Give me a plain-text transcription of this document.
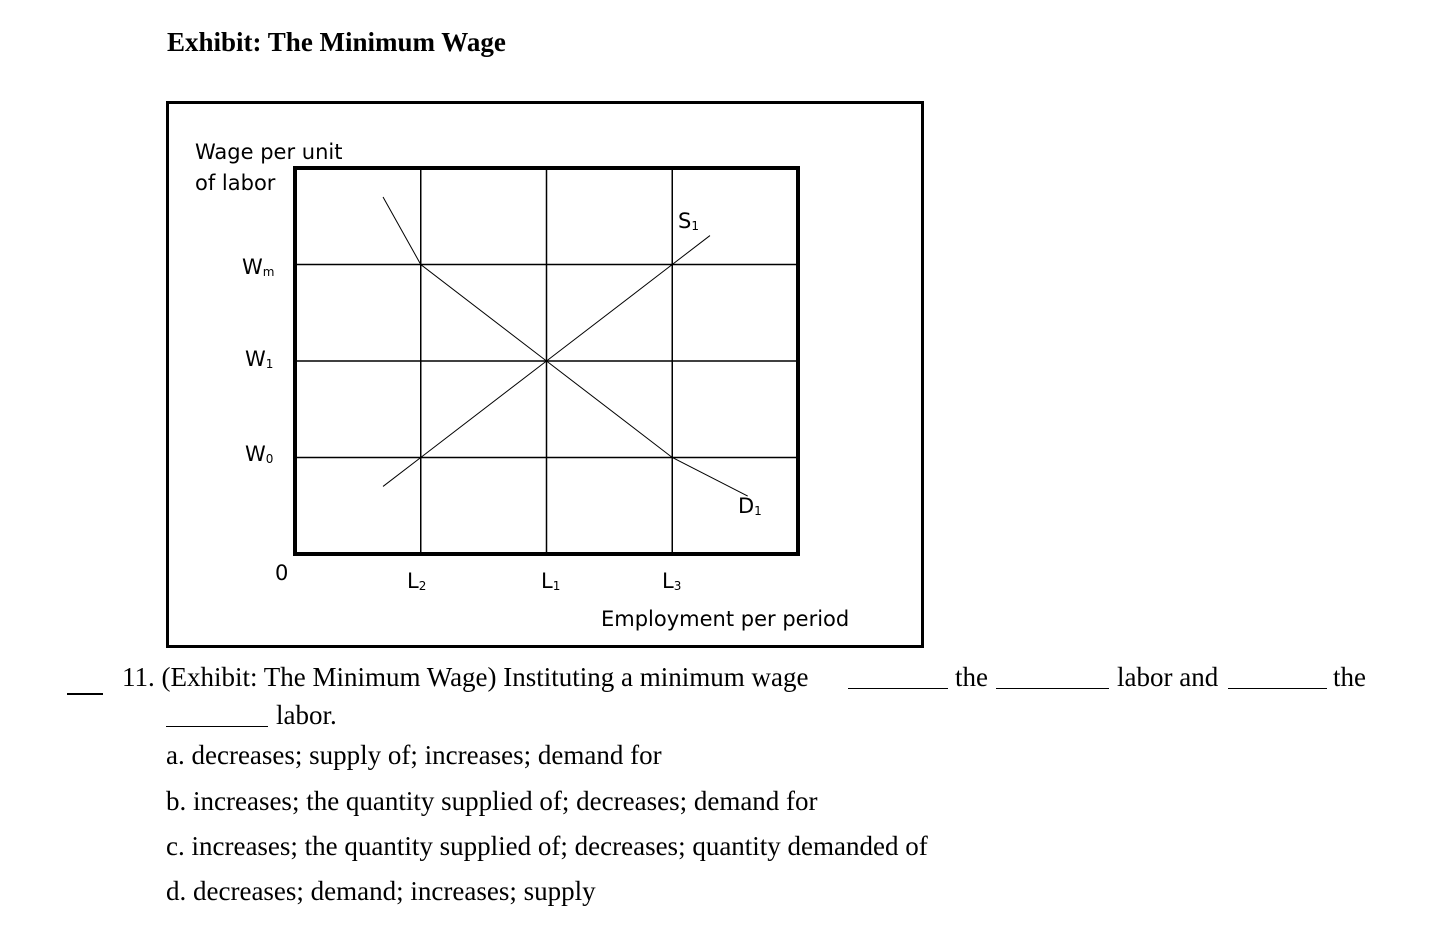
Exhibit: The Minimum Wage
Wage per unit
of labor
Wm
W1
W0
0	L2	L1	L3
Employment per period
S1
D1
11. (Exhibit: The Minimum Wage) Instituting a minimum wage	the	labor and	the
labor.
a. decreases; supply of; increases; demand for
b. increases; the quantity supplied of; decreases; demand for
c. increases; the quantity supplied of; decreases; quantity demanded of
d. decreases; demand; increases; supply
